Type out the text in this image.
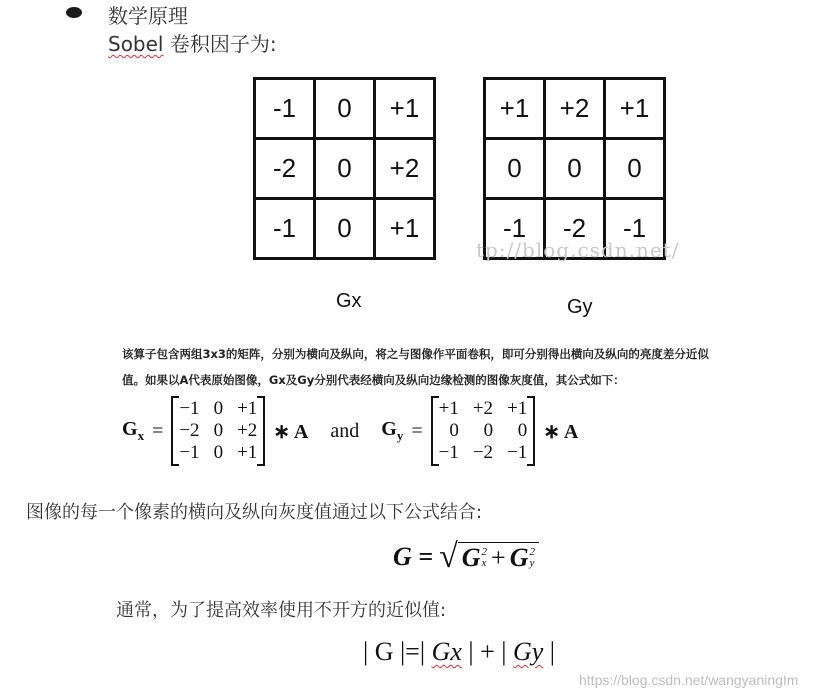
数学原理
Sobel 卷积因子为:
-1	0	+1
-2	0	+2
-1	0	+1
+1	+2	+1
0	0	0
-1	-2	-1
tp://blog.csdn.net/
Gx	Gy
该算子包含两组3x3的矩阵，分别为横向及纵向，将之与图像作平面卷积，即可分别得出横向及纵向的亮度差分近似
值。如果以A代表原始图像，Gx及Gy分别代表经横向及纵向边缘检测的图像灰度值，其公式如下：
$G_x$ =
−1 0 +1
−2 0 +2
−1 0 +1
∗ A and $G_y$ =
+1 +2 +1
0	0	0
−1 −2 −1
∗ A
图像的每一个像素的横向及纵向灰度值通过以下公式结合:
G = √ G 2
x + G 2
y
通常，为了提高效率使用不开方的近似值:
| G |=| Gx | + | Gy |
https://blog.csdn.net/wangyaningIm
